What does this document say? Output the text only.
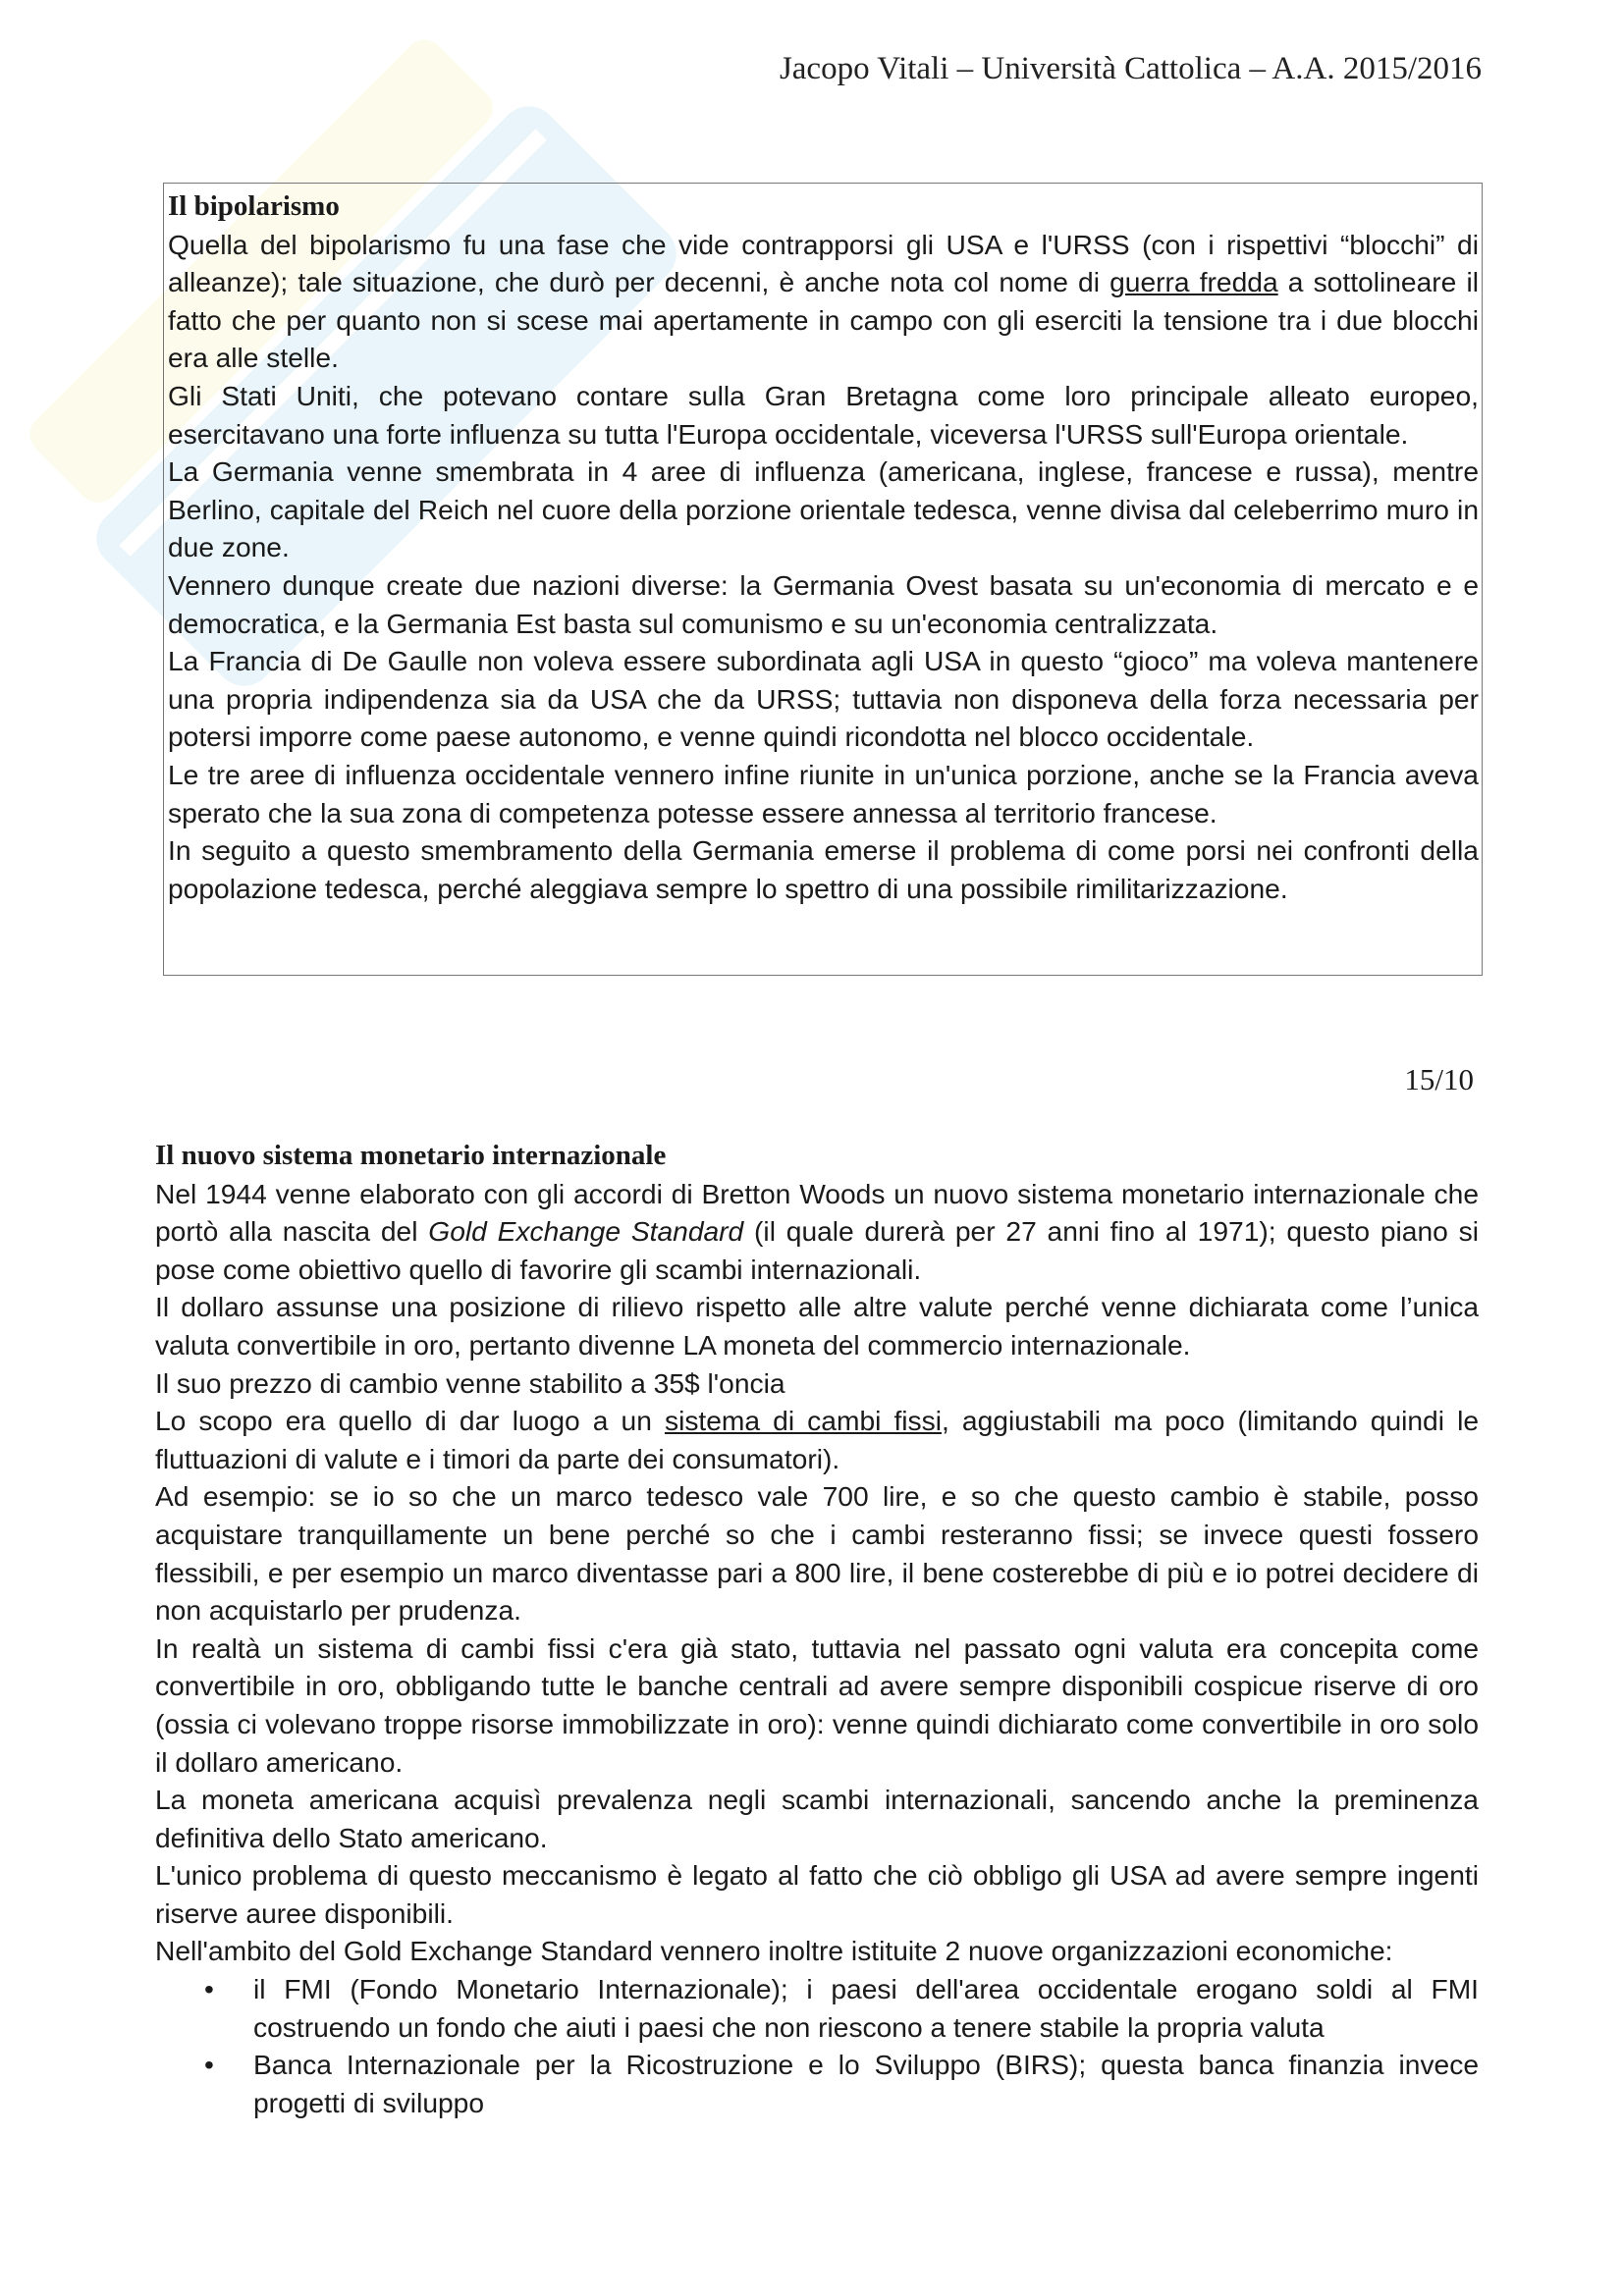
Jacopo Vitali – Università Cattolica – A.A. 2015/2016
Il bipolarismo

Quella del bipolarismo fu una fase che vide contrapporsi gli USA e l'URSS (con i rispettivi “blocchi” di alleanze); tale situazione, che durò per decenni, è anche nota col nome di guerra fredda a sottolineare il fatto che per quanto non si scese mai apertamente in campo con gli eserciti la tensione tra i due blocchi era alle stelle.

Gli Stati Uniti, che potevano contare sulla Gran Bretagna come loro principale alleato europeo, esercitavano una forte influenza su tutta l'Europa occidentale, viceversa l'URSS sull'Europa orientale.

La Germania venne smembrata in 4 aree di influenza (americana, inglese, francese e russa), mentre Berlino, capitale del Reich nel cuore della porzione orientale tedesca, venne divisa dal celeberrimo muro in due zone.

Vennero dunque create due nazioni diverse: la Germania Ovest basata su un'economia di mercato e e democratica, e la Germania Est basta sul comunismo e su un'economia centralizzata.

La Francia di De Gaulle non voleva essere subordinata agli USA in questo “gioco” ma voleva mantenere una propria indipendenza sia da USA che da URSS; tuttavia non disponeva della forza necessaria per potersi imporre come paese autonomo, e venne quindi ricondotta nel blocco occidentale.

Le tre aree di influenza occidentale vennero infine riunite in un'unica porzione, anche se la Francia aveva sperato che la sua zona di competenza potesse essere annessa al territorio francese.

In seguito a questo smembramento della Germania emerse il problema di come porsi nei confronti della popolazione tedesca, perché aleggiava sempre lo spettro di una possibile rimilitarizzazione.

15/10
Il nuovo sistema monetario internazionale

Nel 1944 venne elaborato con gli accordi di Bretton Woods un nuovo sistema monetario internazionale che portò alla nascita del Gold Exchange Standard (il quale durerà per 27 anni fino al 1971); questo piano si pose come obiettivo quello di favorire gli scambi internazionali.

Il dollaro assunse una posizione di rilievo rispetto alle altre valute perché venne dichiarata come l’unica valuta convertibile in oro, pertanto divenne LA moneta del commercio internazionale.

Il suo prezzo di cambio venne stabilito a 35$ l'oncia

Lo scopo era quello di dar luogo a un sistema di cambi fissi, aggiustabili ma poco (limitando quindi le fluttuazioni di valute e i timori da parte dei consumatori).

Ad esempio: se io so che un marco tedesco vale 700 lire, e so che questo cambio è stabile, posso acquistare tranquillamente un bene perché so che i cambi resteranno fissi; se invece questi fossero flessibili, e per esempio un marco diventasse pari a 800 lire, il bene costerebbe di più e io potrei decidere di non acquistarlo per prudenza.

In realtà un sistema di cambi fissi c'era già stato, tuttavia nel passato ogni valuta era concepita come convertibile in oro, obbligando tutte le banche centrali ad avere sempre disponibili cospicue riserve di oro (ossia ci volevano troppe risorse immobilizzate in oro): venne quindi dichiarato come convertibile in oro solo il dollaro americano.

La moneta americana acquisì prevalenza negli scambi internazionali, sancendo anche la preminenza definitiva dello Stato americano.

L'unico problema di questo meccanismo è legato al fatto che ciò obbligo gli USA ad avere sempre ingenti riserve auree disponibili.

Nell'ambito del Gold Exchange Standard vennero inoltre istituite 2 nuove organizzazioni economiche:

• il FMI (Fondo Monetario Internazionale); i paesi dell'area occidentale erogano soldi al FMI costruendo un fondo che aiuti i paesi che non riescono a tenere stabile la propria valuta
• Banca Internazionale per la Ricostruzione e lo Sviluppo (BIRS); questa banca finanzia invece progetti di sviluppo
